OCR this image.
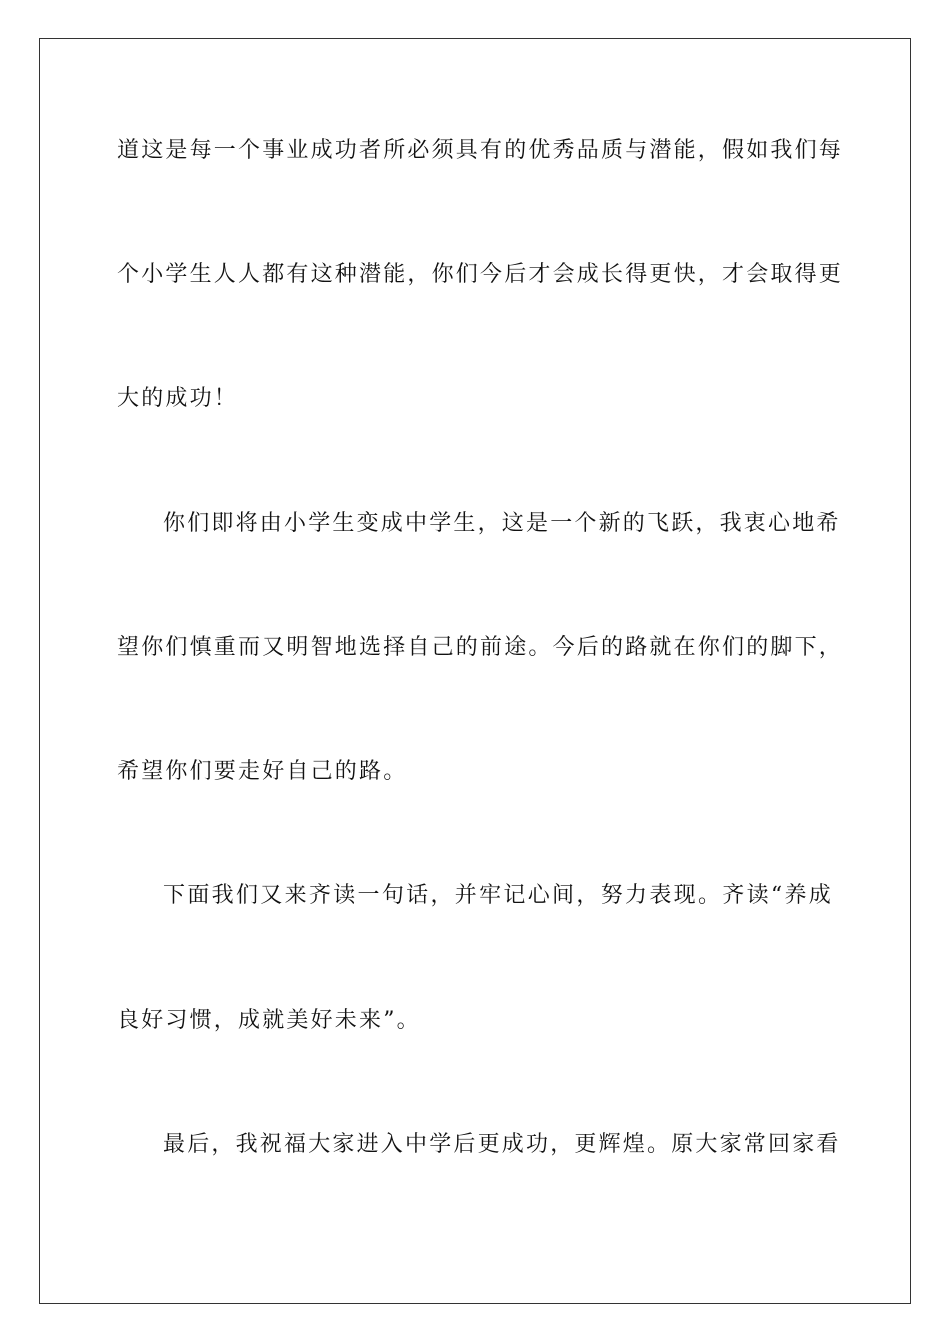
道这是每一个事业成功者所必须具有的优秀品质与潜能，假如我们每
个小学生人人都有这种潜能，你们今后才会成长得更快，才会取得更
大的成功！
你们即将由小学生变成中学生，这是一个新的飞跃，我衷心地希
望你们慎重而又明智地选择自己的前途。今后的路就在你们的脚下，
希望你们要走好自己的路。
下面我们又来齐读一句话，并牢记心间，努力表现。齐读“养成
良好习惯，成就美好未来”。
最后，我祝福大家进入中学后更成功，更辉煌。原大家常回家看
